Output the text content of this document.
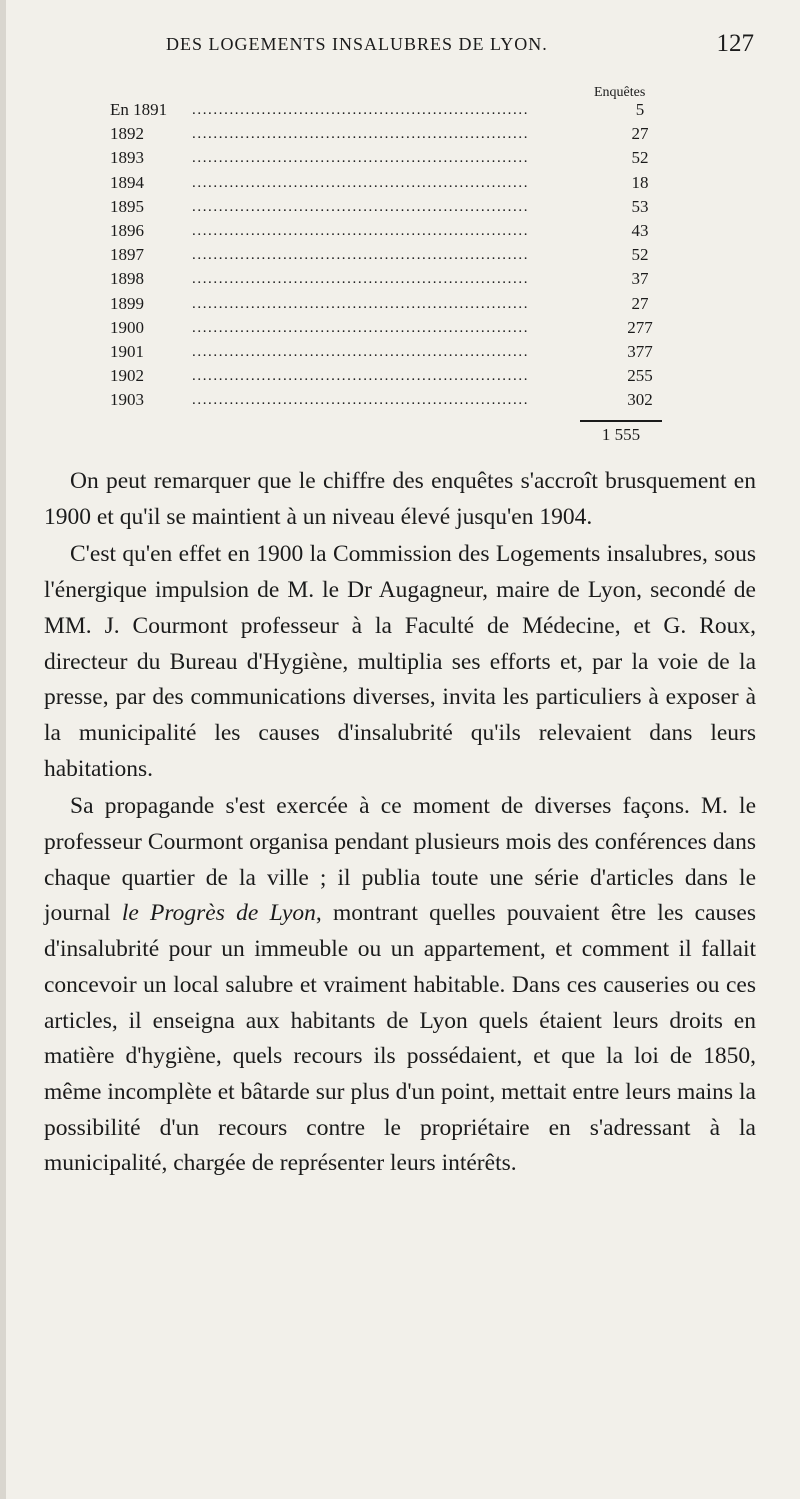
DES LOGEMENTS INSALUBRES DE LYON.	127
Enquêtes
En 1891 ...............................................................	5
1892	...............................................................	27
1893	...............................................................	52
1894	...............................................................	18
1895	...............................................................	53
1896	...............................................................	43
1897	...............................................................	52
1898	...............................................................	37
1899	...............................................................	27
1900	...............................................................	277
1901	...............................................................	377
1902	...............................................................	255
1903	...............................................................	302
1 555

On peut remarquer que le chiffre des enquêtes s'accroît brusquement en 1900 et qu'il se maintient à un niveau élevé jusqu'en 1904.

C'est qu'en effet en 1900 la Commission des Logements insalubres, sous l'énergique impulsion de M. le Dr Augagneur, maire de Lyon, secondé de MM. J. Courmont professeur à la Faculté de Médecine, et G. Roux, directeur du Bureau d'Hygiène, multiplia ses efforts et, par la voie de la presse, par des communications diverses, invita les particuliers à exposer à la municipalité les causes d'insalubrité qu'ils relevaient dans leurs habitations.

Sa propagande s'est exercée à ce moment de diverses façons. M. le professeur Courmont organisa pendant plusieurs mois des conférences dans chaque quartier de la ville ; il publia toute une série d'articles dans le journal le Progrès de Lyon, montrant quelles pouvaient être les causes d'insalubrité pour un immeuble ou un appartement, et comment il fallait concevoir un local salubre et vraiment habitable. Dans ces causeries ou ces articles, il enseigna aux habitants de Lyon quels étaient leurs droits en matière d'hygiène, quels recours ils possédaient, et que la loi de 1850, même incomplète et bâtarde sur plus d'un point, mettait entre leurs mains la possibilité d'un recours contre le propriétaire en s'adressant à la municipalité, chargée de représenter leurs intérêts.
